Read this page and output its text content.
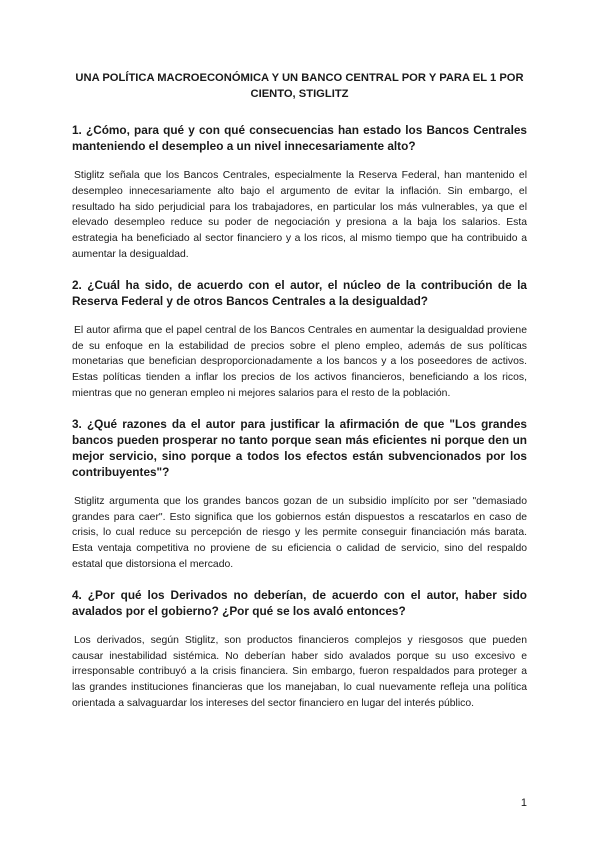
UNA POLÍTICA MACROECONÓMICA Y UN BANCO CENTRAL POR Y PARA EL 1 POR CIENTO, STIGLITZ

1. ¿Cómo, para qué y con qué consecuencias han estado los Bancos Centrales manteniendo el desempleo a un nivel innecesariamente alto?

Stiglitz señala que los Bancos Centrales, especialmente la Reserva Federal, han mantenido el desempleo innecesariamente alto bajo el argumento de evitar la inflación. Sin embargo, el resultado ha sido perjudicial para los trabajadores, en particular los más vulnerables, ya que el elevado desempleo reduce su poder de negociación y presiona a la baja los salarios. Esta estrategia ha beneficiado al sector financiero y a los ricos, al mismo tiempo que ha contribuido a aumentar la desigualdad.

2. ¿Cuál ha sido, de acuerdo con el autor, el núcleo de la contribución de la Reserva Federal y de otros Bancos Centrales a la desigualdad?

El autor afirma que el papel central de los Bancos Centrales en aumentar la desigualdad proviene de su enfoque en la estabilidad de precios sobre el pleno empleo, además de sus políticas monetarias que benefician desproporcionadamente a los bancos y a los poseedores de activos. Estas políticas tienden a inflar los precios de los activos financieros, beneficiando a los ricos, mientras que no generan empleo ni mejores salarios para el resto de la población.

3. ¿Qué razones da el autor para justificar la afirmación de que "Los grandes bancos pueden prosperar no tanto porque sean más eficientes ni porque den un mejor servicio, sino porque a todos los efectos están subvencionados por los contribuyentes"?

Stiglitz argumenta que los grandes bancos gozan de un subsidio implícito por ser "demasiado grandes para caer". Esto significa que los gobiernos están dispuestos a rescatarlos en caso de crisis, lo cual reduce su percepción de riesgo y les permite conseguir financiación más barata. Esta ventaja competitiva no proviene de su eficiencia o calidad de servicio, sino del respaldo estatal que distorsiona el mercado.

4. ¿Por qué los Derivados no deberían, de acuerdo con el autor, haber sido avalados por el gobierno? ¿Por qué se los avaló entonces?

Los derivados, según Stiglitz, son productos financieros complejos y riesgosos que pueden causar inestabilidad sistémica. No deberían haber sido avalados porque su uso excesivo e irresponsable contribuyó a la crisis financiera. Sin embargo, fueron respaldados para proteger a las grandes instituciones financieras que los manejaban, lo cual nuevamente refleja una política orientada a salvaguardar los intereses del sector financiero en lugar del interés público.

1
